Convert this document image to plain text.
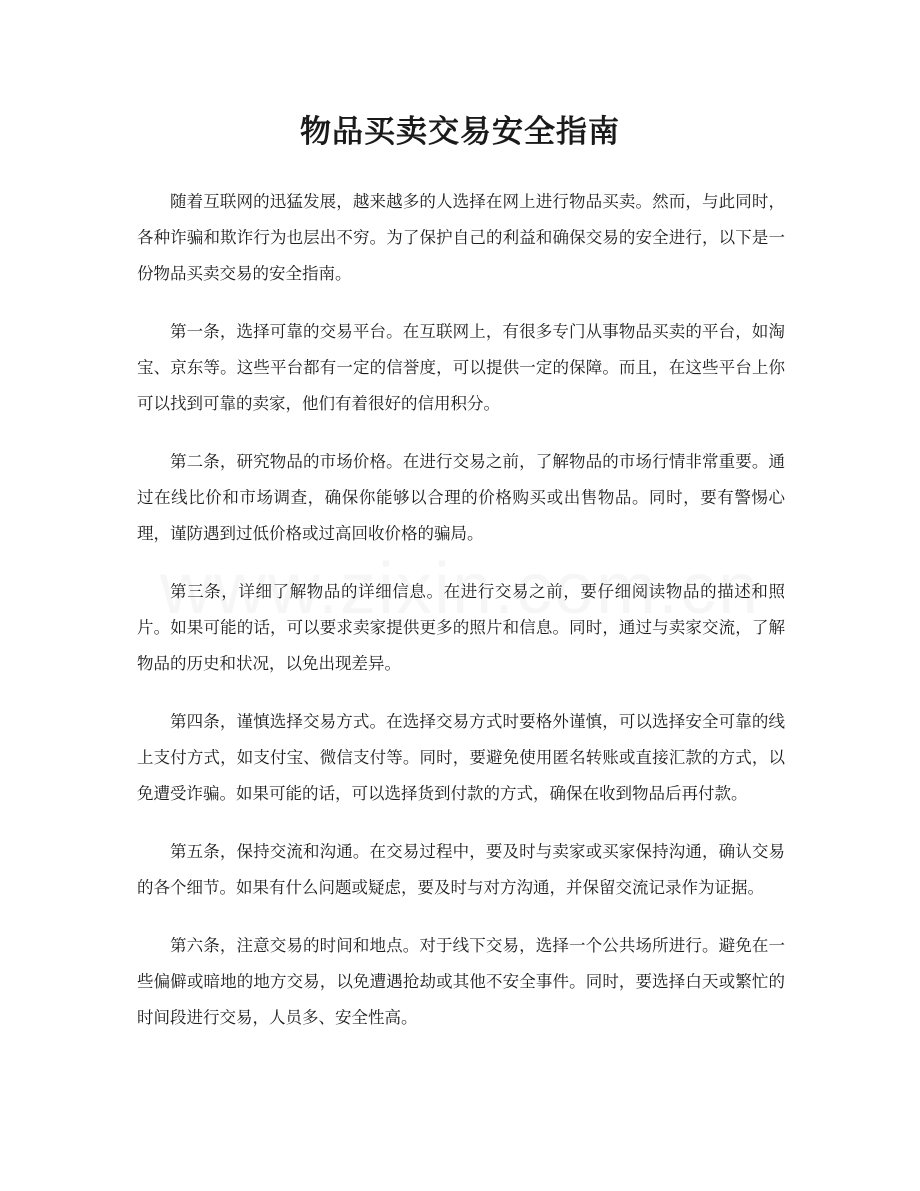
物品买卖交易安全指南

随着互联网的迅猛发展，越来越多的人选择在网上进行物品买卖。然而，与此同时，各种诈骗和欺诈行为也层出不穷。为了保护自己的利益和确保交易的安全进行，以下是一份物品买卖交易的安全指南。

第一条，选择可靠的交易平台。在互联网上，有很多专门从事物品买卖的平台，如淘宝、京东等。这些平台都有一定的信誉度，可以提供一定的保障。而且，在这些平台上你可以找到可靠的卖家，他们有着很好的信用积分。

第二条，研究物品的市场价格。在进行交易之前，了解物品的市场行情非常重要。通过在线比价和市场调查，确保你能够以合理的价格购买或出售物品。同时，要有警惕心理，谨防遇到过低价格或过高回收价格的骗局。

第三条，详细了解物品的详细信息。在进行交易之前，要仔细阅读物品的描述和照片。如果可能的话，可以要求卖家提供更多的照片和信息。同时，通过与卖家交流，了解物品的历史和状况，以免出现差异。

第四条，谨慎选择交易方式。在选择交易方式时要格外谨慎，可以选择安全可靠的线上支付方式，如支付宝、微信支付等。同时，要避免使用匿名转账或直接汇款的方式，以免遭受诈骗。如果可能的话，可以选择货到付款的方式，确保在收到物品后再付款。

第五条，保持交流和沟通。在交易过程中，要及时与卖家或买家保持沟通，确认交易的各个细节。如果有什么问题或疑虑，要及时与对方沟通，并保留交流记录作为证据。

第六条，注意交易的时间和地点。对于线下交易，选择一个公共场所进行。避免在一些偏僻或暗地的地方交易，以免遭遇抢劫或其他不安全事件。同时，要选择白天或繁忙的时间段进行交易，人员多、安全性高。
